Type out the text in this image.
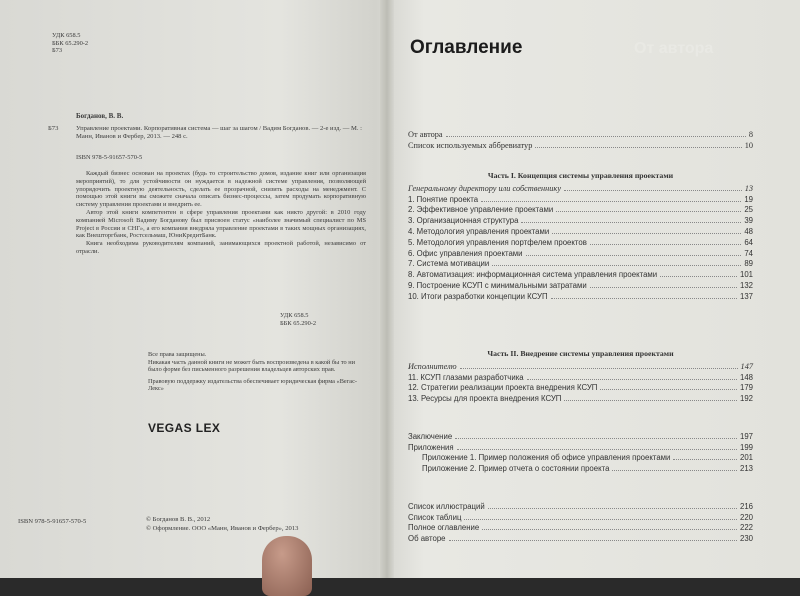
УДК 658.5
ББК 65.290-2
Б73
Богданов, В. В.
Б73	Управление проектами. Корпоративная система — шаг за шагом / Вадим Богданов. — 2-е изд. — М. : Манн, Иванов и Фербер, 2013. — 248 с.
ISBN 978-5-91657-570-5

Каждый бизнес основан на проектах (будь то строительство домов, издание книг или организация мероприятий), то для устойчивости он нуждается в надежной системе управления, позволяющей упорядочить проектную деятельность, сделать ее прозрачной, снизить расходы на менеджмент. С помощью этой книги вы сможете сначала описать бизнес-процессы, затем продумать корпоративную систему управления проектами и внедрить ее.

Автор этой книги компетентен в сфере управления проектами как никто другой: в 2010 году компанией Microsoft Вадиму Богданову был присвоен статус «наиболее значимый специалист по MS Project в России и СНГ», а его компания внедряла управление проектами в таких мощных организациях, как Внешторгбанк, Ростсельмаш, ЮниКредитБанк.

Книга необходима руководителям компаний, занимающихся проектной работой, независимо от отрасли.

УДК 658.5
ББК 65.290-2

Все права защищены.

Никакая часть данной книги не может быть воспроизведена в какой бы то ни было форме без письменного разрешения владельцев авторских прав.

Правовую поддержку издательства обеспечивает юридическая фирма «Вегас-Лекс»

VEGAS LEX
ISBN 978-5-91657-570-5	© Богданов В. В., 2012
© Оформление. ООО «Манн, Иванов и Фербер», 2013
От автора
Оглавление
От автора	8
Список используемых аббревиатур	10
Часть I. Концепция системы управления проектами
Генеральному директору или собственнику	13
1. Понятие проекта	19
2. Эффективное управление проектами	25
3. Организационная структура	39
4. Методология управления проектами	48
5. Методология управления портфелем проектов	64
6. Офис управления проектами	74
7. Система мотивации	89
8. Автоматизация: информационная система управления проектами	101
9. Построение КСУП с минимальными затратами	132
10. Итоги разработки концепции КСУП	137
Часть II. Внедрение системы управления проектами
Исполнителю	147
11. КСУП глазами разработчика	148
12. Стратегии реализации проекта внедрения КСУП	179
13. Ресурсы для проекта внедрения КСУП	192
Заключение	197
Приложения	199
Приложение 1. Пример положения об офисе управления проектами	201
Приложение 2. Пример отчета о состоянии проекта	213
Список иллюстраций	216
Список таблиц	220
Полное оглавление	222
Об авторе	230
